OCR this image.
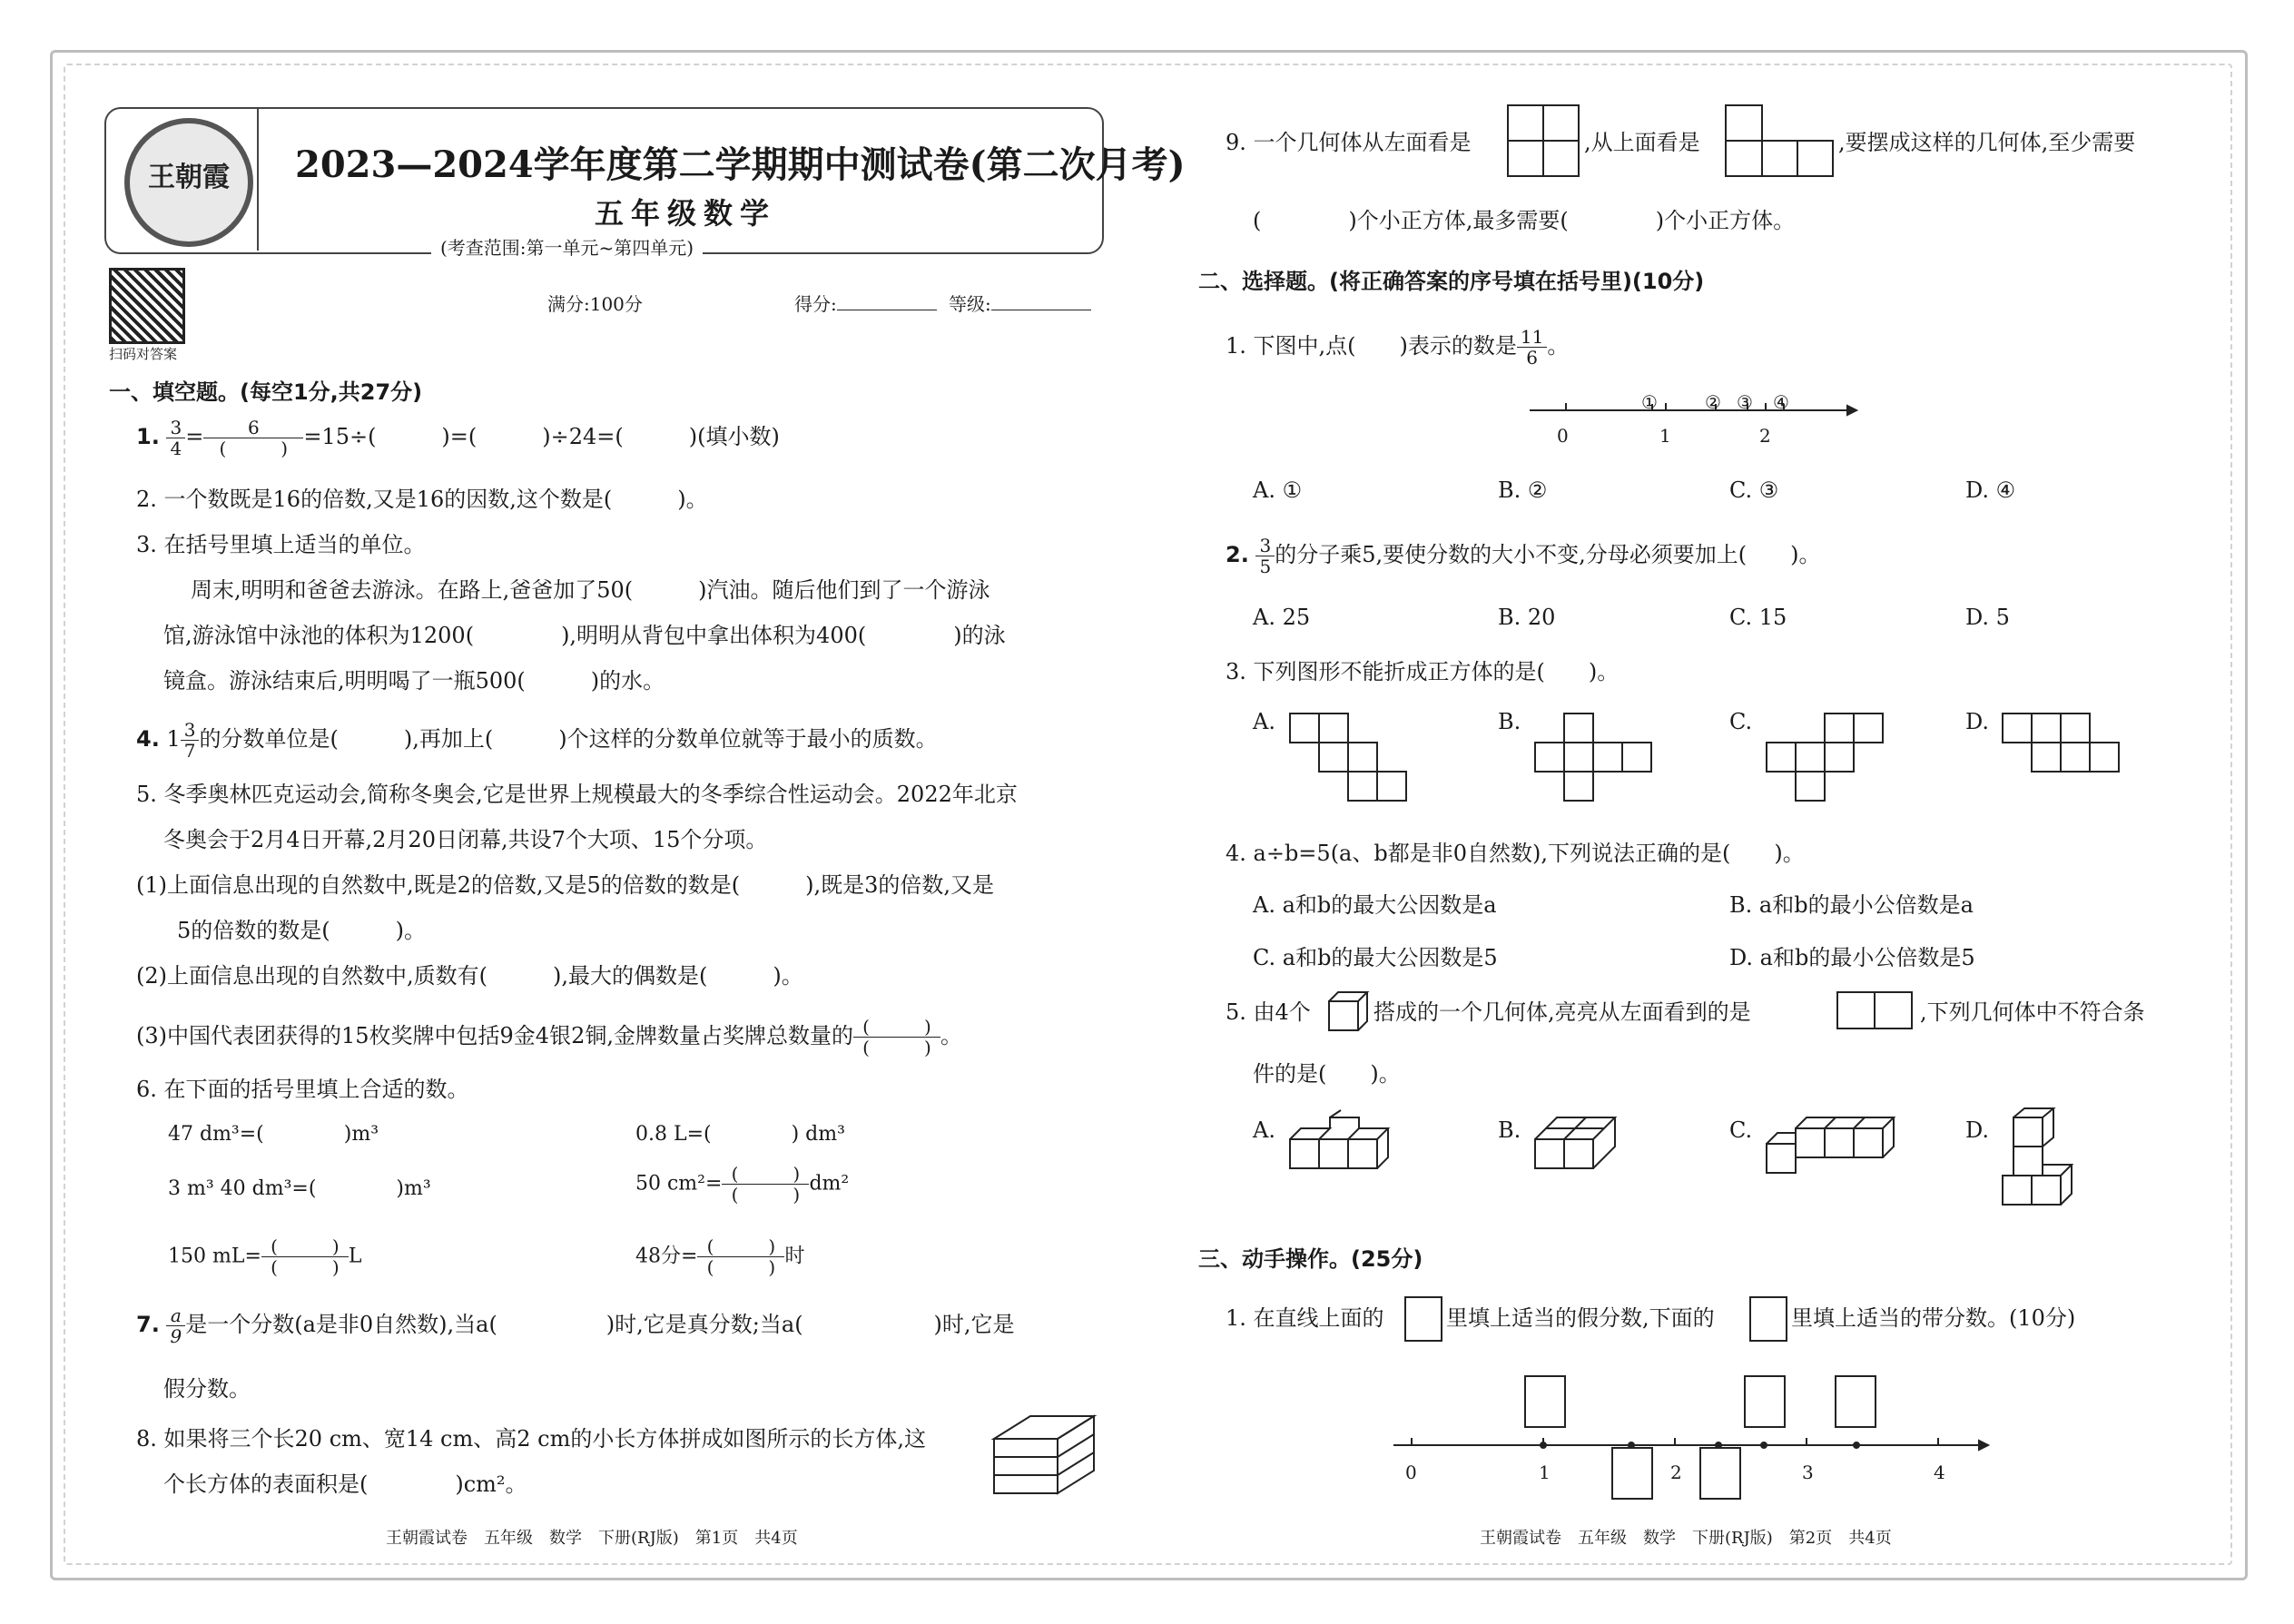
王朝霞 2023—2024学年度第二学期期中测试卷(第二次月考)
五年级数学
(考查范围:第一单元~第四单元)
扫码对答案
满分:100分	得分:	等级:
一、填空题。(每空1分,共27分)
1. $\frac{3}{4} = \frac{6}{( )} =15\div$(　　　)=(　　　)÷24=(　　　)(填小数)
2. 一个数既是16的倍数,又是16的因数,这个数是(　　　)。
3. 在括号里填上适当的单位。
周末,明明和爸爸去游泳。在路上,爸爸加了50(　　　)汽油。随后他们到了一个游泳
馆,游泳馆中泳池的体积为1200(　　　　),明明从背包中拿出体积为400(　　　　)的泳
镜盒。游泳结束后,明明喝了一瓶500(　　　)的水。
4. $1 \frac{3}{7}$ 的分数单位是(　　　),再加上(　　　)个这样的分数单位就等于最小的质数。
5. 冬季奥林匹克运动会,简称冬奥会,它是世界上规模最大的冬季综合性运动会。2022年北京
冬奥会于2月4日开幕,2月20日闭幕,共设7个大项、15个分项。
(1)上面信息出现的自然数中,既是2的倍数,又是5的倍数的数是(　　　),既是3的倍数,又是
5的倍数的数是(　　　)。
(2)上面信息出现的自然数中,质数有(　　　),最大的偶数是(　　　)。
(3)中国代表团获得的15枚奖牌中包括9金4银2铜,金牌数量占奖牌总数量的 $\frac{( )}{( )}$ 。
6. 在下面的括号里填上合适的数。
47 dm³=(　　　　)m³	0.8 L=(　　　　) dm³
3 m³ 40 dm³=(　　　　)m³	50 $cm^2= \frac{( )}{( )} dm^2$
150 $mL= \frac{( )}{( )}$ L	48分= $\frac{( )}{( )}$ 时
7. $\frac{a}{9}$ 是一个分数(a是非0自然数),当a(　　　　　)时,它是真分数;当a(　　　　　　)时,它是
假分数。
8. 如果将三个长20 cm、宽14 cm、高2 cm的小长方体拼成如图所示的长方体,这
个长方体的表面积是(　　　　)cm²。
王朝霞试卷　五年级　数学　下册(RJ版)　第1页　共4页
9. 一个几何体从左面看是	,从上面看是	,要摆成这样的几何体,至少需要
(　　　　)个小正方体,最多需要(　　　　)个小正方体。
二、选择题。(将正确答案的序号填在括号里)(10分)
1. 下图中,点(　　)表示的数是 $\frac{11}{6}$ 。
0	1	2
①	② ③ ④
A. ①	B. ②	C. ③	D. ④
2. $\frac{3}{5}$ 的分子乘5,要使分数的大小不变,分母必须要加上(　　)。
A. 25	B. 20	C. 15	D. 5
3. 下列图形不能折成正方体的是(　　)。
A.	B.	C.	D.
4. a÷b=5(a、b都是非0自然数),下列说法正确的是(　　)。
A. a和b的最大公因数是a	B. a和b的最小公倍数是a
C. a和b的最大公因数是5	D. a和b的最小公倍数是5
5. 由4个	搭成的一个几何体,亮亮从左面看到的是	,下列几何体中不符合条
件的是(　　)。
A.	B.	C.	D.
三、动手操作。(25分)
1. 在直线上面的	里填上适当的假分数,下面的	里填上适当的带分数。(10分)
0	1	2	3	4
王朝霞试卷　五年级　数学　下册(RJ版)　第2页　共4页
